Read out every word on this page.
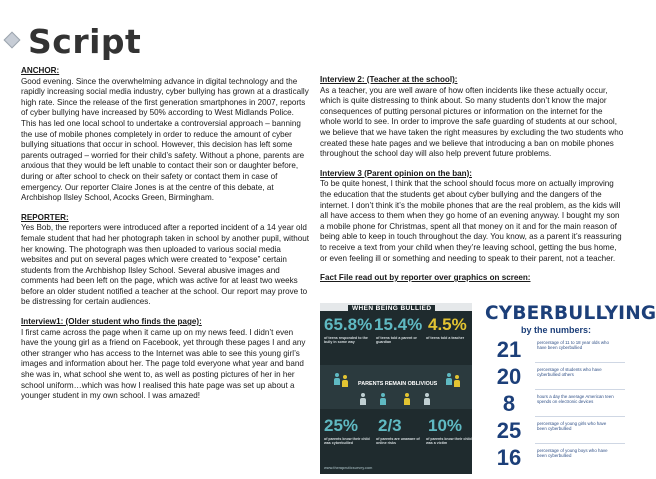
Script
ANCHOR:
Good evening. Since the overwhelming advance in digital technology and the rapidly increasing social media industry, cyber bullying has grown at a drastically high rate. Since the release of the first generation smartphones in 2007, reports of cyber bullying have increased by 50% according to West Midlands Police. This has led one local school to undertake a controversial approach – banning the use of mobile phones completely in order to reduce the amount of cyber bullying situations that occur in school. However, this decision has left some parents outraged – worried for their child’s safety. Without a phone, parents are anxious that they would be left unable to contact their son or daughter before, during or after school to check on their safety or contact them in case of emergency. Our reporter Claire Jones is at the centre of this debate, at Archbishop Ilsley School, Acocks Green, Birmingham.
REPORTER:
Yes Bob, the reporters were introduced after a reported incident of a 14 year old female student that had her photograph taken in school by another pupil, without her knowing. The photograph was then uploaded to various social media websites and put on several pages which were created to “expose” certain students from the Archbishop Ilsley School. Several abusive images and comments had been left on the page, which was active for at least two weeks before an older student notified a teacher at the school. Our report may prove to be distressing for certain audiences.
Interview1: (Older student who finds the page):
I first came across the page when it came up on my news feed. I didn’t even have the young girl as a friend on Facebook, yet through these pages I and any other stranger who has access to the Internet was able to see this young girl’s images and information about her. The page told everyone what year and band she was in, what school she went to, as well as posting pictures of her in her school uniform…which was how I realised this hate page was set up about a younger student in my own school. I was amazed!
Interview 2: (Teacher at the school):
As a teacher, you are well aware of how often incidents like these actually occur, which is quite distressing to think about. So many students don’t know the major consequences of putting personal pictures or information on the internet for the whole world to see. In order to improve the safe guarding of students at our school, we believe that we have taken the right measures by excluding the two students who created these hate pages and we believe that introducing a ban on mobile phones throughout the school day will also help prevent future problems.
Interview 3 (Parent opinion on the ban):
To be quite honest, I think that the school should focus more on actually improving the education that the students get about cyber bullying and the dangers of the internet. I don’t think it’s the mobile phones that are the real problem, as the kids will all have access to them when they go home of an evening anyway. I bought my son a mobile phone for Christmas, spent all that money on it and for the main reason of being able to keep in touch throughout the day. You know, as a parent it’s reassuring to receive a text from your child when they’re leaving school, getting the bus home, or even feeling ill or something and needing to speak to their parent, not a teacher.
Fact File read out by reporter over graphics on screen:
WHEN BEING BULLIED
65.8%
of teens responded to the bully in some way
15.4%
of teens told a parent or guardian
4.5%
of teens told a teacher
PARENTS REMAIN OBLIVIOUS
25%
of parents know their child was cyberbullied
2/3
of parents are unaware of online risks
10%
of parents know their child was a victim
www.therapeuticsurvey.com
CYBERBULLYING
by the numbers:
21	percentage of 11 to 18 year olds who have been cyberbullied
20	percentage of students who have cyberbullied others
8	hours a day the average American teen spends on electronic devices
25	percentage of young girls who have been cyberbullied
16	percentage of young boys who have been cyberbullied
